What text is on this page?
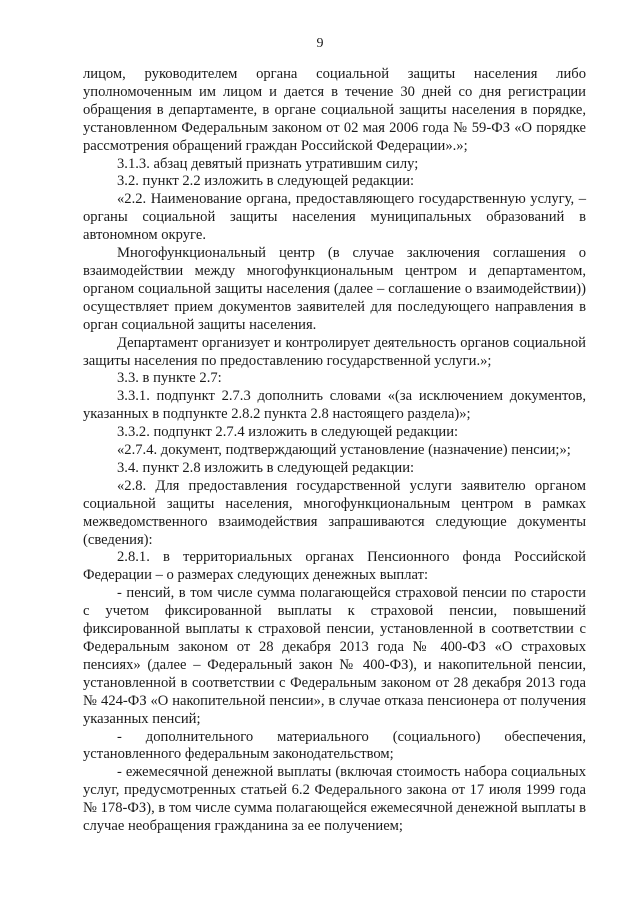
9

лицом, руководителем органа социальной защиты населения либо уполномоченным им лицом и дается в течение 30 дней со дня регистрации обращения в департаменте, в органе социальной защиты населения в порядке, установленном Федеральным законом от 02 мая 2006 года № 59-ФЗ «О порядке рассмотрения обращений граждан Российской Федерации».»;

3.1.3. абзац девятый признать утратившим силу;

3.2. пункт 2.2 изложить в следующей редакции:

«2.2. Наименование органа, предоставляющего государственную услугу, – органы социальной защиты населения муниципальных образований в автономном округе.

Многофункциональный центр (в случае заключения соглашения о взаимодействии между многофункциональным центром и департаментом, органом социальной защиты населения (далее – соглашение о взаимодействии)) осуществляет прием документов заявителей для последующего направления в орган социальной защиты населения.

Департамент организует и контролирует деятельность органов социальной защиты населения по предоставлению государственной услуги.»;

3.3. в пункте 2.7:

3.3.1. подпункт 2.7.3 дополнить словами «(за исключением документов, указанных в подпункте 2.8.2 пункта 2.8 настоящего раздела)»;

3.3.2. подпункт 2.7.4 изложить в следующей редакции:

«2.7.4. документ, подтверждающий установление (назначение) пенсии;»;

3.4. пункт 2.8 изложить в следующей редакции:

«2.8. Для предоставления государственной услуги заявителю органом социальной защиты населения, многофункциональным центром в рамках межведомственного взаимодействия запрашиваются следующие документы (сведения):

2.8.1. в территориальных органах Пенсионного фонда Российской Федерации – о размерах следующих денежных выплат:

- пенсий, в том числе сумма полагающейся страховой пенсии по старости с учетом фиксированной выплаты к страховой пенсии, повышений фиксированной выплаты к страховой пенсии, установленной в соответствии с Федеральным законом от 28 декабря 2013 года № 400-ФЗ «О страховых пенсиях» (далее – Федеральный закон № 400-ФЗ), и накопительной пенсии, установленной в соответствии с Федеральным законом от 28 декабря 2013 года № 424-ФЗ «О накопительной пенсии», в случае отказа пенсионера от получения указанных пенсий;

- дополнительного материального (социального) обеспечения, установленного федеральным законодательством;

- ежемесячной денежной выплаты (включая стоимость набора социальных услуг, предусмотренных статьей 6.2 Федерального закона от 17 июля 1999 года № 178-ФЗ), в том числе сумма полагающейся ежемесячной денежной выплаты в случае необращения гражданина за ее получением;
